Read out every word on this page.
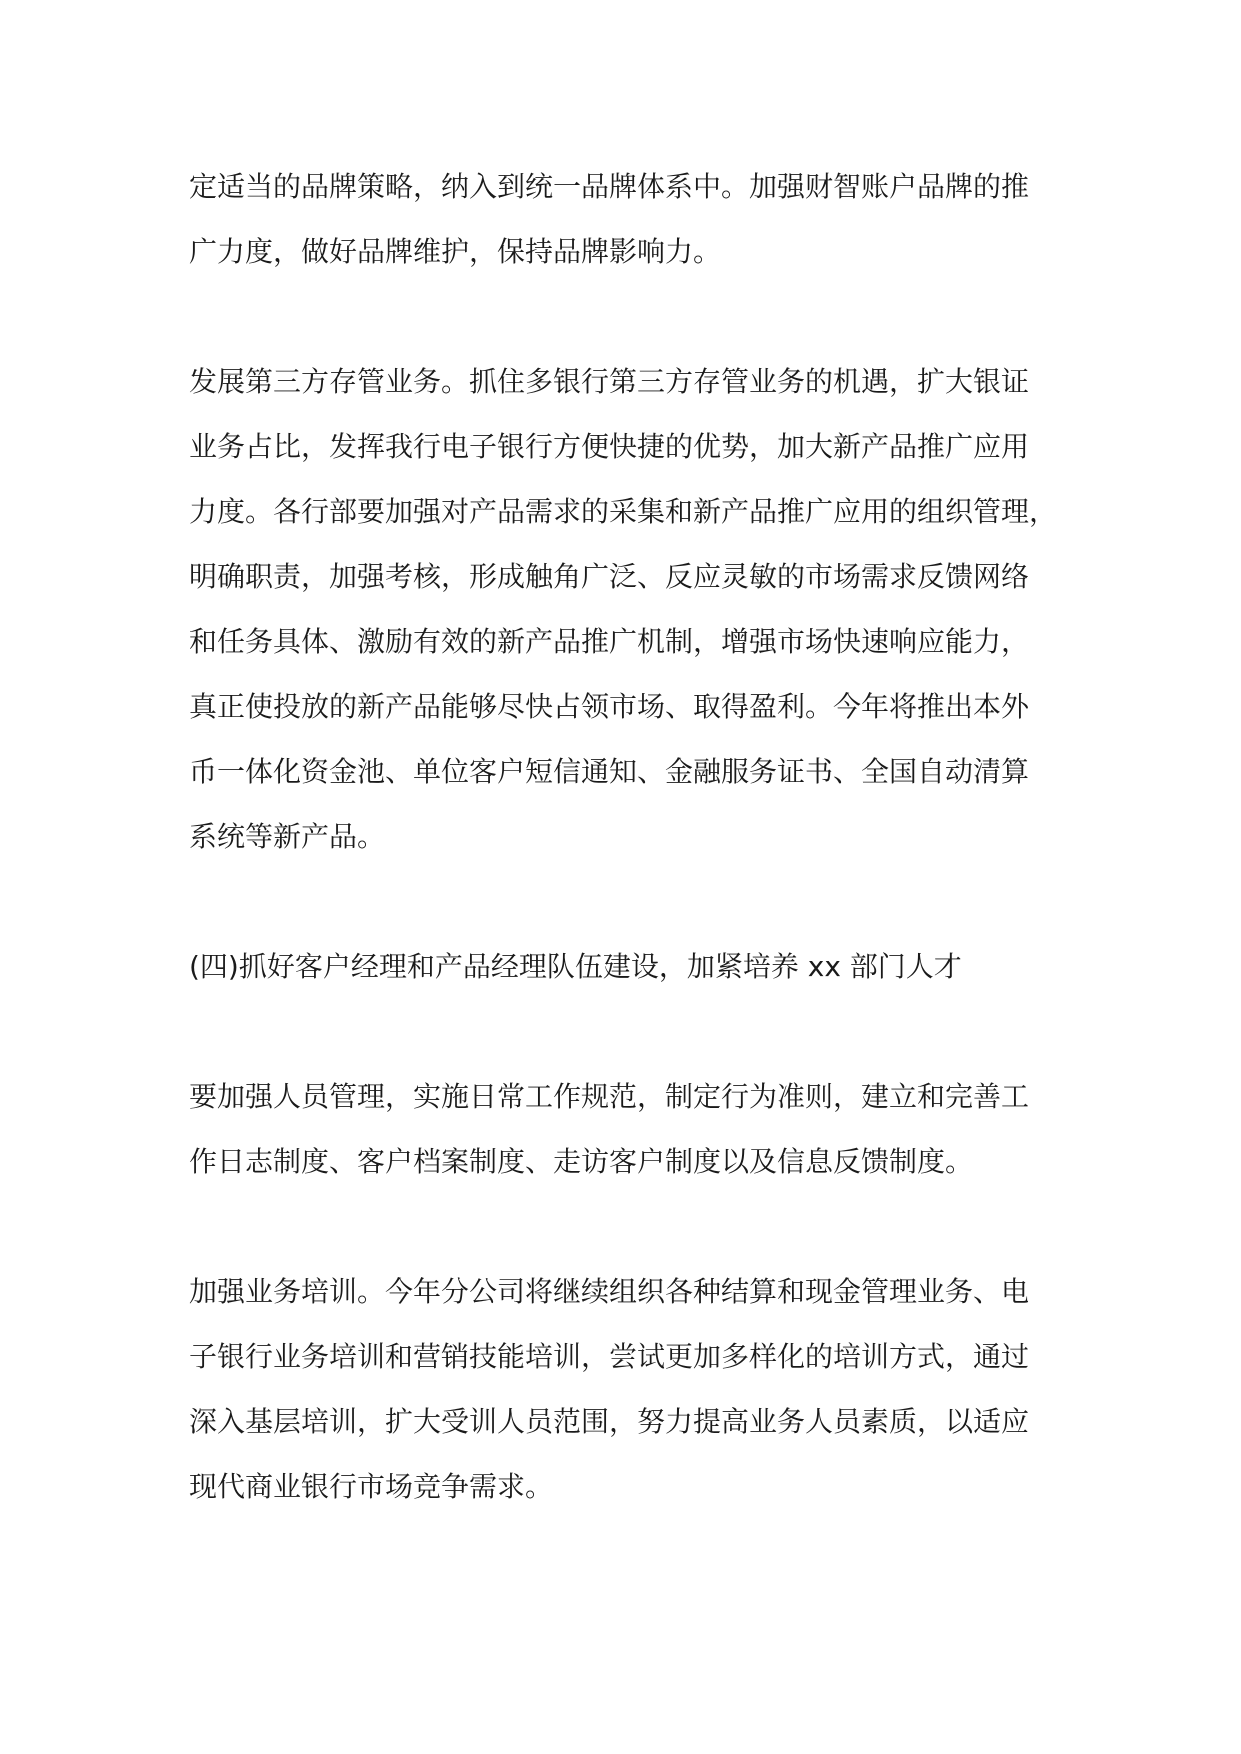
定适当的品牌策略，纳入到统一品牌体系中。加强财智账户品牌的推
广力度，做好品牌维护，保持品牌影响力。

发展第三方存管业务。抓住多银行第三方存管业务的机遇，扩大银证
业务占比，发挥我行电子银行方便快捷的优势，加大新产品推广应用
力度。各行部要加强对产品需求的采集和新产品推广应用的组织管理，
明确职责，加强考核，形成触角广泛、反应灵敏的市场需求反馈网络
和任务具体、激励有效的新产品推广机制，增强市场快速响应能力，
真正使投放的新产品能够尽快占领市场、取得盈利。今年将推出本外
币一体化资金池、单位客户短信通知、金融服务证书、全国自动清算
系统等新产品。

(四)抓好客户经理和产品经理队伍建设，加紧培养 xx 部门人才

要加强人员管理，实施日常工作规范，制定行为准则，建立和完善工
作日志制度、客户档案制度、走访客户制度以及信息反馈制度。

加强业务培训。今年分公司将继续组织各种结算和现金管理业务、电
子银行业务培训和营销技能培训，尝试更加多样化的培训方式，通过
深入基层培训，扩大受训人员范围，努力提高业务人员素质，以适应
现代商业银行市场竞争需求。
